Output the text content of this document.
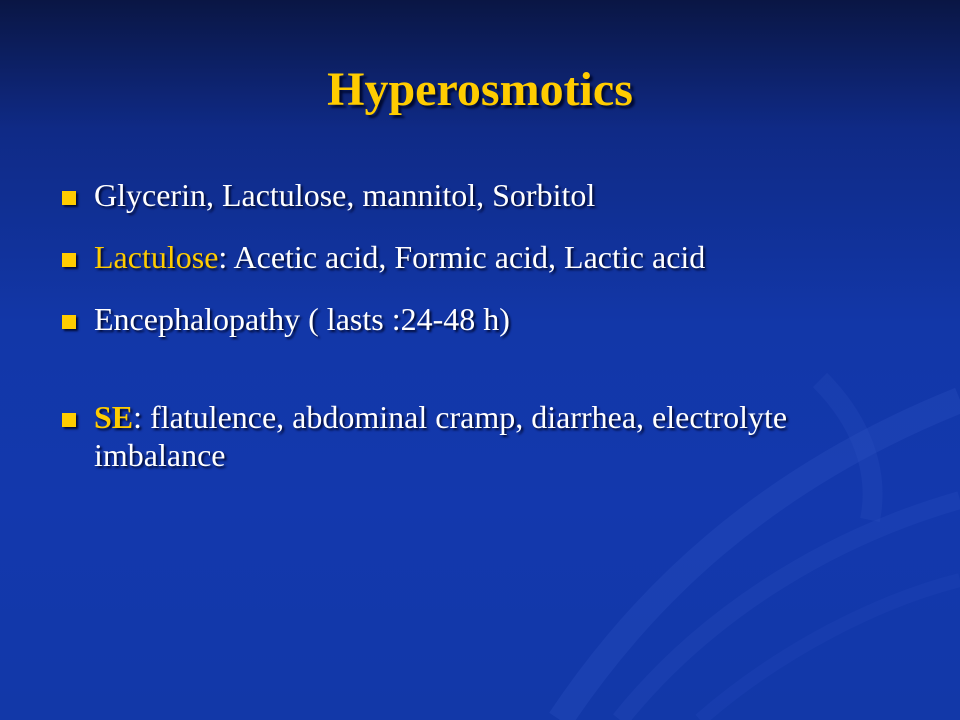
Hyperosmotics
Glycerin, Lactulose, mannitol, Sorbitol
Lactulose: Acetic acid, Formic acid, Lactic acid
Encephalopathy ( lasts :24-48 h)
SE: flatulence, abdominal cramp, diarrhea, electrolyte imbalance
